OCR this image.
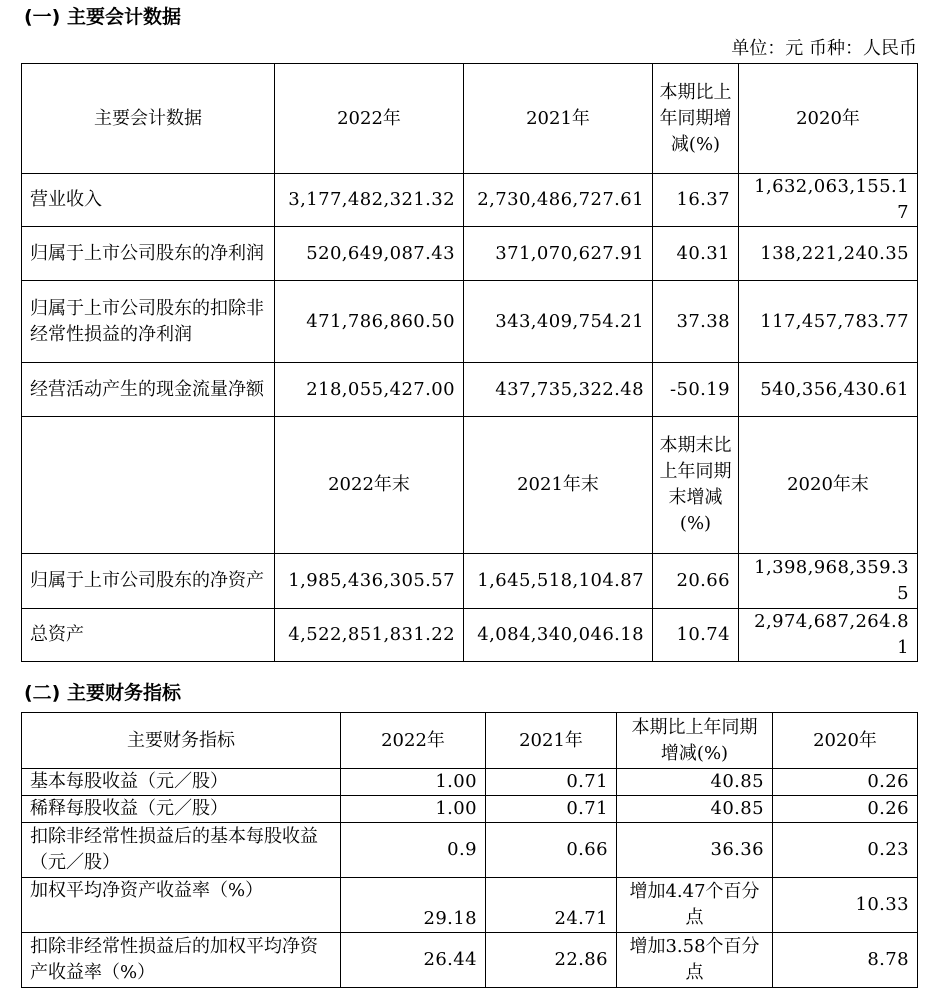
(一) 主要会计数据
单位：元 币种：人民币
主要会计数据	2022年	2021年	本期比上年同期增减(%)	2020年
营业收入	3,177,482,321.32	2,730,486,727.61	16.37	1,632,063,155.17
归属于上市公司股东的净利润	520,649,087.43	371,070,627.91	40.31	138,221,240.35
归属于上市公司股东的扣除非经常性损益的净利润	471,786,860.50	343,409,754.21	37.38	117,457,783.77
经营活动产生的现金流量净额	218,055,427.00	437,735,322.48	-50.19	540,356,430.61
	2022年末	2021年末	本期末比上年同期末增减(%)	2020年末
归属于上市公司股东的净资产	1,985,436,305.57	1,645,518,104.87	20.66	1,398,968,359.35
总资产	4,522,851,831.22	4,084,340,046.18	10.74	2,974,687,264.81
(二) 主要财务指标
主要财务指标	2022年	2021年	本期比上年同期增减(%)	2020年
基本每股收益（元／股）	1.00	0.71	40.85	0.26
稀释每股收益（元／股）	1.00	0.71	40.85	0.26
扣除非经常性损益后的基本每股收益（元／股）	0.9	0.66	36.36	0.23
加权平均净资产收益率（%）	29.18	24.71	增加4.47个百分点	10.33
扣除非经常性损益后的加权平均净资产收益率（%）	26.44	22.86	增加3.58个百分点	8.78
